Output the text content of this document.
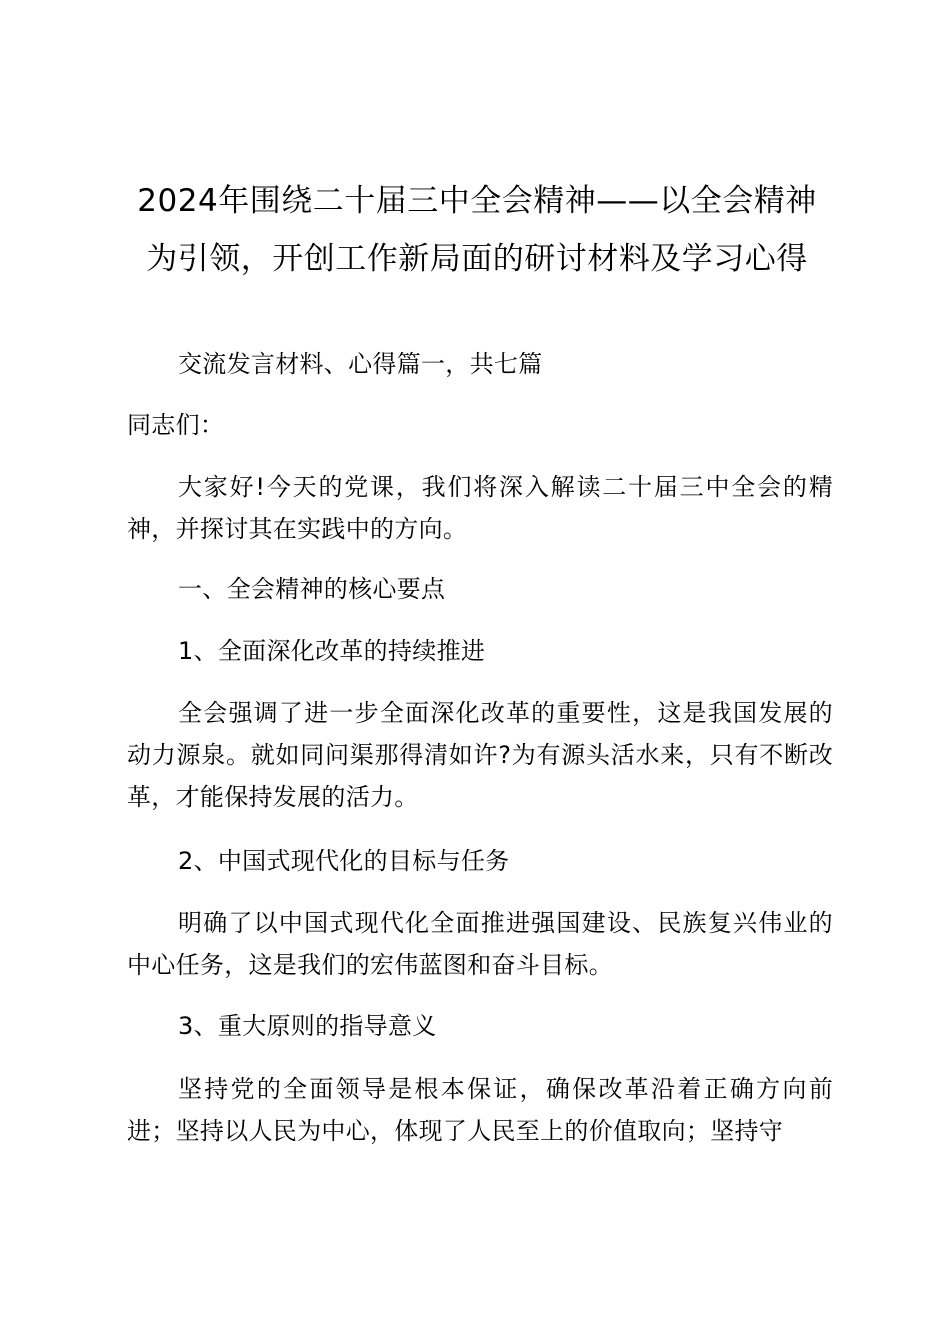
2024年围绕二十届三中全会精神——以全会精神为引领，开创工作新局面的研讨材料及学习心得

交流发言材料、心得篇一，共七篇

同志们：

大家好!今天的党课，我们将深入解读二十届三中全会的精神，并探讨其在实践中的方向。

一、全会精神的核心要点

1、全面深化改革的持续推进

全会强调了进一步全面深化改革的重要性，这是我国发展的动力源泉。就如同问渠那得清如许?为有源头活水来，只有不断改革，才能保持发展的活力。

2、中国式现代化的目标与任务

明确了以中国式现代化全面推进强国建设、民族复兴伟业的中心任务，这是我们的宏伟蓝图和奋斗目标。

3、重大原则的指导意义

坚持党的全面领导是根本保证，确保改革沿着正确方向前进；坚持以人民为中心，体现了人民至上的价值取向；坚持守
